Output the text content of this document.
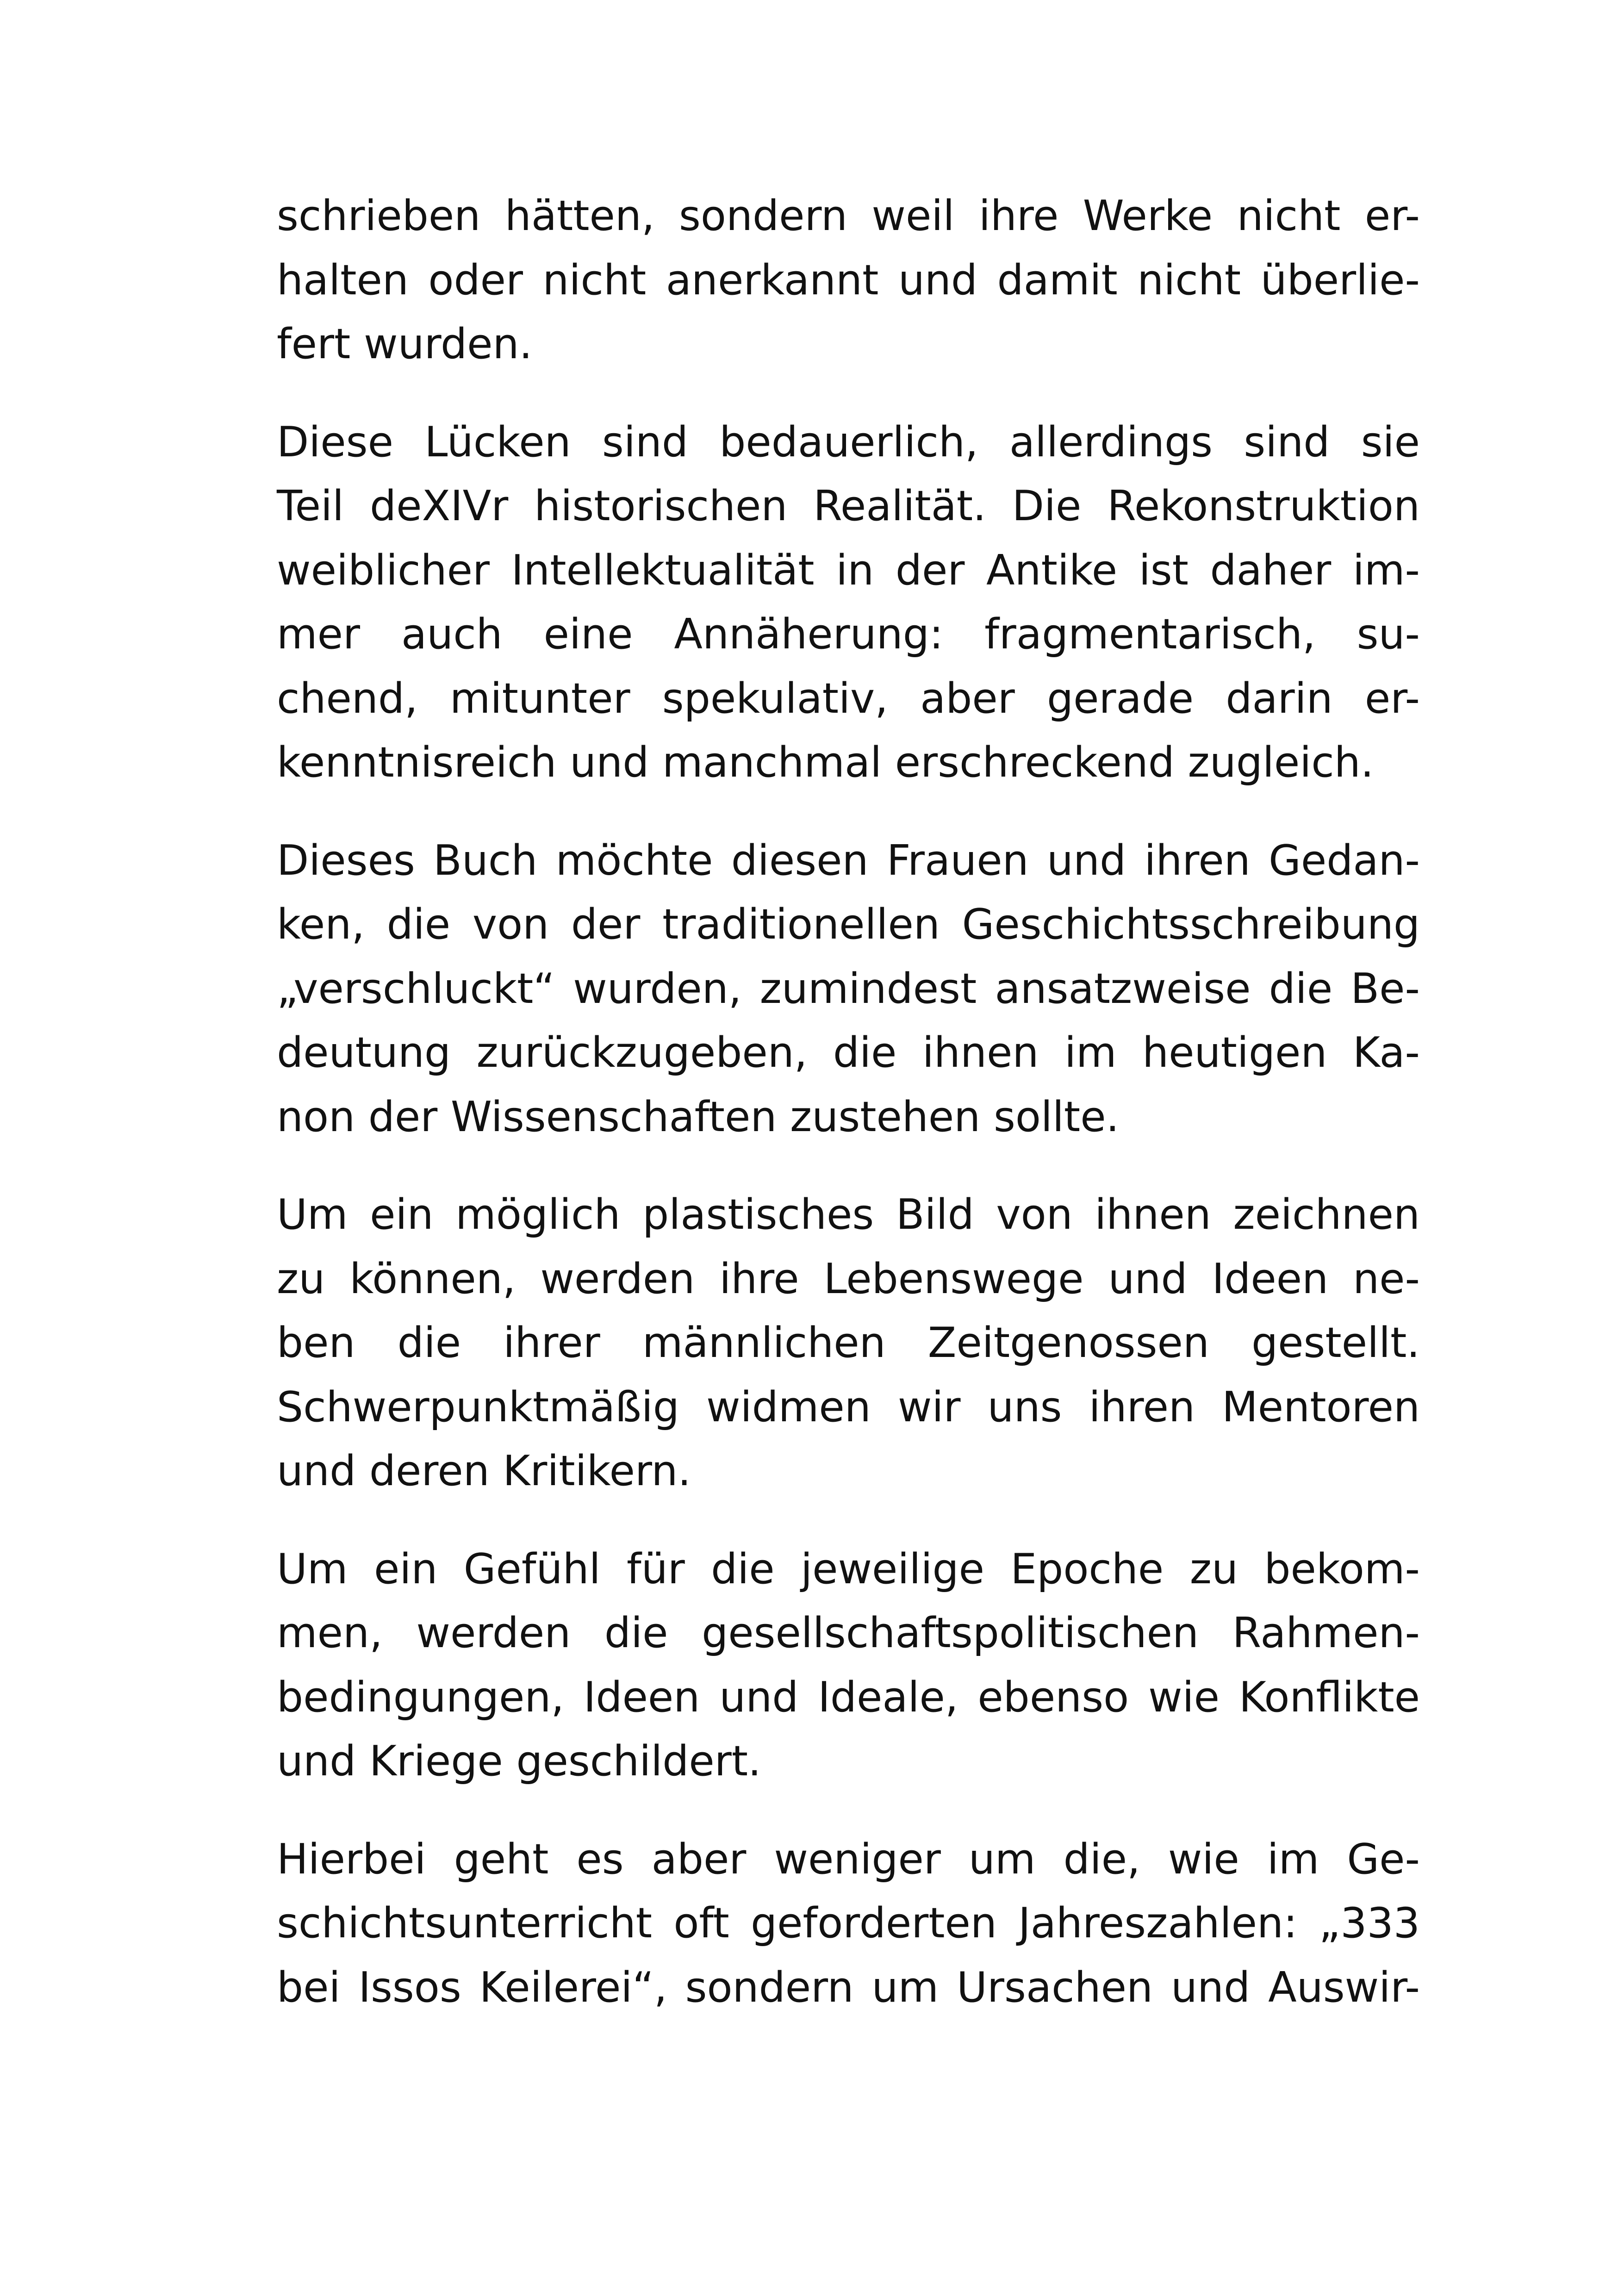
schrieben hätten, sondern weil ihre Werke nicht er-
halten oder nicht anerkannt und damit nicht überlie-
fert wurden.

Diese Lücken sind bedauerlich, allerdings sind sie
Teil deXIVr historischen Realität. Die Rekonstruktion
weiblicher Intellektualität in der Antike ist daher im-
mer auch eine Annäherung: fragmentarisch, su-
chend, mitunter spekulativ, aber gerade darin er-
kenntnisreich und manchmal erschreckend zugleich.

Dieses Buch möchte diesen Frauen und ihren Gedan-
ken, die von der traditionellen Geschichtsschreibung
„verschluckt“ wurden, zumindest ansatzweise die Be-
deutung zurückzugeben, die ihnen im heutigen Ka-
non der Wissenschaften zustehen sollte.

Um ein möglich plastisches Bild von ihnen zeichnen
zu können, werden ihre Lebenswege und Ideen ne-
ben die ihrer männlichen Zeitgenossen gestellt.
Schwerpunktmäßig widmen wir uns ihren Mentoren
und deren Kritikern.

Um ein Gefühl für die jeweilige Epoche zu bekom-
men, werden die gesellschaftspolitischen Rahmen-
bedingungen, Ideen und Ideale, ebenso wie Konflikte
und Kriege geschildert.

Hierbei geht es aber weniger um die, wie im Ge-
schichtsunterricht oft geforderten Jahreszahlen: „333
bei Issos Keilerei“, sondern um Ursachen und Auswir-
